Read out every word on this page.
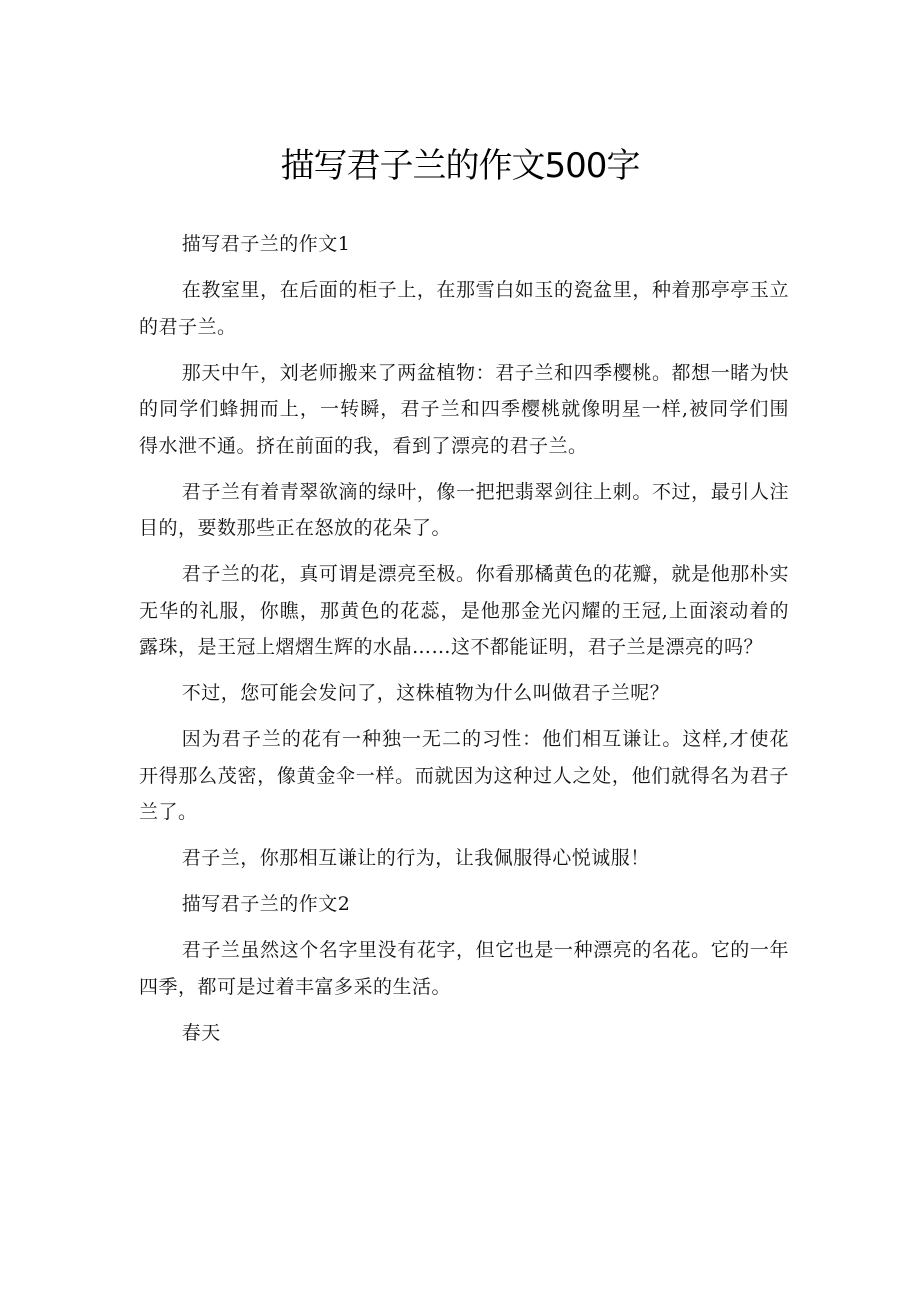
描写君子兰的作文500字

描写君子兰的作文1

在教室里，在后面的柜子上，在那雪白如玉的瓷盆里，种着那亭亭玉立的君子兰。

那天中午，刘老师搬来了两盆植物：君子兰和四季樱桃。都想一睹为快的同学们蜂拥而上，一转瞬，君子兰和四季樱桃就像明星一样,被同学们围得水泄不通。挤在前面的我，看到了漂亮的君子兰。

君子兰有着青翠欲滴的绿叶，像一把把翡翠剑往上刺。不过，最引人注目的，要数那些正在怒放的花朵了。

君子兰的花，真可谓是漂亮至极。你看那橘黄色的花瓣，就是他那朴实无华的礼服，你瞧，那黄色的花蕊，是他那金光闪耀的王冠,上面滚动着的露珠，是王冠上熠熠生辉的水晶……这不都能证明，君子兰是漂亮的吗？

不过，您可能会发问了，这株植物为什么叫做君子兰呢？

因为君子兰的花有一种独一无二的习性：他们相互谦让。这样,才使花开得那么茂密，像黄金伞一样。而就因为这种过人之处，他们就得名为君子兰了。

君子兰，你那相互谦让的行为，让我佩服得心悦诚服！

描写君子兰的作文2

君子兰虽然这个名字里没有花字，但它也是一种漂亮的名花。它的一年四季，都可是过着丰富多采的生活。

春天
